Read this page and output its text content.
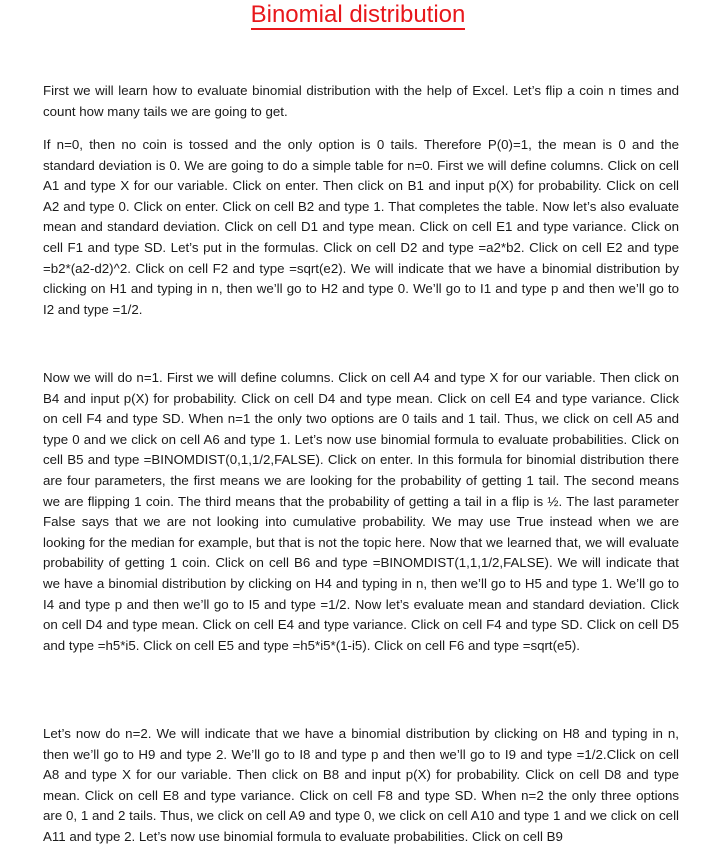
Binomial distribution

First we will learn how to evaluate binomial distribution with the help of Excel. Let’s flip a coin n times and count how many tails we are going to get.

If n=0, then no coin is tossed and the only option is 0 tails. Therefore P(0)=1, the mean is 0 and the standard deviation is 0. We are going to do a simple table for n=0. First we will define columns. Click on cell A1 and type X for our variable. Click on enter. Then click on B1 and input p(X) for probability. Click on cell A2 and type 0. Click on enter. Click on cell B2 and type 1. That completes the table. Now let’s also evaluate mean and standard deviation. Click on cell D1 and type mean. Click on cell E1 and type variance. Click on cell F1 and type SD. Let’s put in the formulas. Click on cell D2 and type =a2*b2. Click on cell E2 and type =b2*(a2-d2)^2. Click on cell F2 and type =sqrt(e2). We will indicate that we have a binomial distribution by clicking on H1 and typing in n, then we’ll go to H2 and type 0. We’ll go to I1 and type p and then we’ll go to I2 and type =1/2.

Now we will do n=1. First we will define columns. Click on cell A4 and type X for our variable. Then click on B4 and input p(X) for probability. Click on cell D4 and type mean. Click on cell E4 and type variance. Click on cell F4 and type SD. When n=1 the only two options are 0 tails and 1 tail. Thus, we click on cell A5 and type 0 and we click on cell A6 and type 1. Let’s now use binomial formula to evaluate probabilities. Click on cell B5 and type =BINOMDIST(0,1,1/2,FALSE). Click on enter. In this formula for binomial distribution there are four parameters, the first means we are looking for the probability of getting 1 tail. The second means we are flipping 1 coin. The third means that the probability of getting a tail in a flip is ½. The last parameter False says that we are not looking into cumulative probability. We may use True instead when we are looking for the median for example, but that is not the topic here. Now that we learned that, we will evaluate probability of getting 1 coin. Click on cell B6 and type =BINOMDIST(1,1,1/2,FALSE). We will indicate that we have a binomial distribution by clicking on H4 and typing in n, then we’ll go to H5 and type 1. We’ll go to I4 and type p and then we’ll go to I5 and type =1/2. Now let’s evaluate mean and standard deviation. Click on cell D4 and type mean. Click on cell E4 and type variance. Click on cell F4 and type SD. Click on cell D5 and type =h5*i5. Click on cell E5 and type =h5*i5*(1-i5). Click on cell F6 and type =sqrt(e5).

Let’s now do n=2. We will indicate that we have a binomial distribution by clicking on H8 and typing in n, then we’ll go to H9 and type 2. We’ll go to I8 and type p and then we’ll go to I9 and type =1/2.Click on cell A8 and type X for our variable. Then click on B8 and input p(X) for probability. Click on cell D8 and type mean. Click on cell E8 and type variance. Click on cell F8 and type SD. When n=2 the only three options are 0, 1 and 2 tails. Thus, we click on cell A9 and type 0, we click on cell A10 and type 1 and we click on cell A11 and type 2. Let’s now use binomial formula to evaluate probabilities. Click on cell B9
